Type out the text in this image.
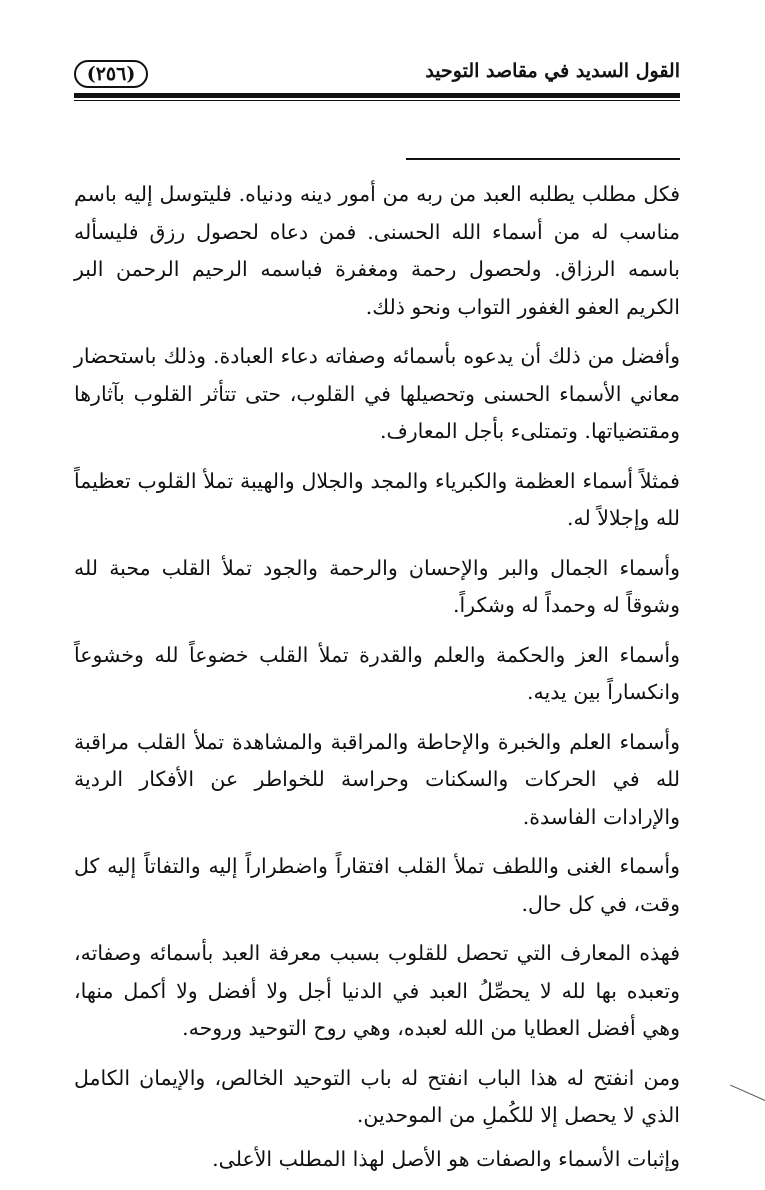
(٢٥٦)	القول السديد في مقاصد التوحيد

فكل مطلب يطلبه العبد من ربه من أمور دينه ودنياه. فليتوسل إليه باسم مناسب له من أسماء الله الحسنى. فمن دعاه لحصول رزق فليسأله باسمه الرزاق. ولحصول رحمة ومغفرة فباسمه الرحيم الرحمن البر الكريم العفو الغفور التواب ونحو ذلك.

وأفضل من ذلك أن يدعوه بأسمائه وصفاته دعاء العبادة. وذلك باستحضار معاني الأسماء الحسنى وتحصيلها في القلوب، حتى تتأثر القلوب بآثارها ومقتضياتها. وتمتلىء بأجل المعارف.

فمثلاً أسماء العظمة والكبرياء والمجد والجلال والهيبة تملأ القلوب تعظيماً لله وإجلالاً له.

وأسماء الجمال والبر والإحسان والرحمة والجود تملأ القلب محبة لله وشوقاً له وحمداً له وشكراً.

وأسماء العز والحكمة والعلم والقدرة تملأ القلب خضوعاً لله وخشوعاً وانكساراً بين يديه.

وأسماء العلم والخبرة والإحاطة والمراقبة والمشاهدة تملأ القلب مراقبة لله في الحركات والسكنات وحراسة للخواطر عن الأفكار الردية والإرادات الفاسدة.

وأسماء الغنى واللطف تملأ القلب افتقاراً واضطراراً إليه والتفاتاً إليه كل وقت، في كل حال.

فهذه المعارف التي تحصل للقلوب بسبب معرفة العبد بأسمائه وصفاته، وتعبده بها لله لا يحصِّلُ العبد في الدنيا أجل ولا أفضل ولا أكمل منها، وهي أفضل العطايا من الله لعبده، وهي روح التوحيد وروحه.

ومن انفتح له هذا الباب انفتح له باب التوحيد الخالص، والإيمان الكامل الذي لا يحصل إلا للكُملِ من الموحدين.

وإثبات الأسماء والصفات هو الأصل لهذا المطلب الأعلى.
